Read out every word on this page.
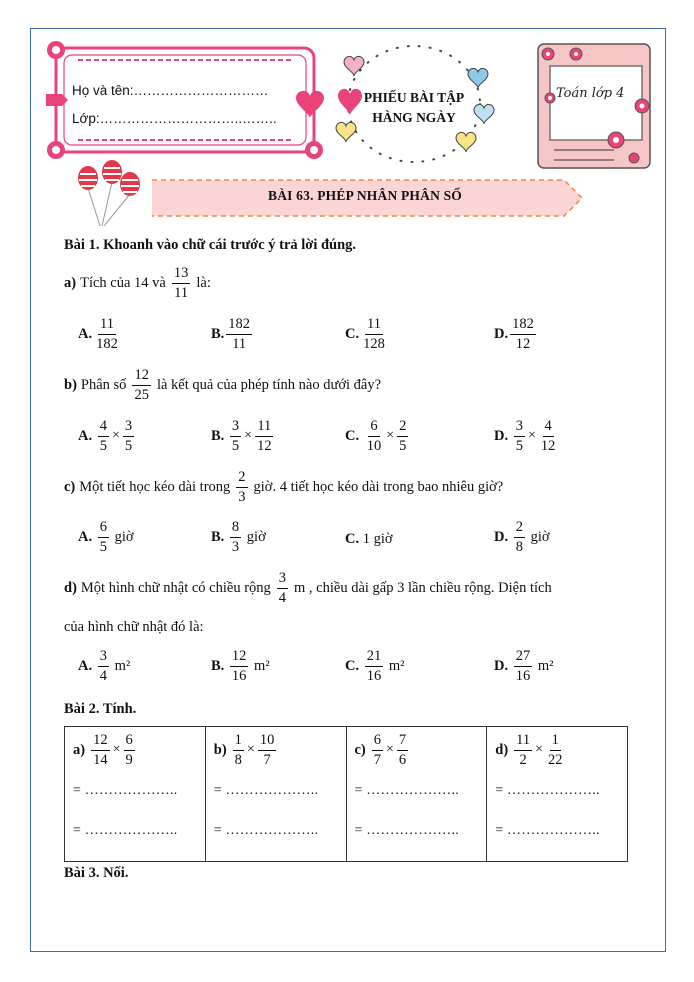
Họ và tên:…………………………
Lớp:…………………………..……..
PHIẾU BÀI TẬP
HÀNG NGÀY
Toán lớp 4
BÀI 63. PHÉP NHÂN PHÂN SỐ
Bài 1. Khoanh vào chữ cái trước ý trả lời đúng.
a)
Tích của 14 và
$\frac{13}{11}$
là:
A. $\frac{11}{182}$	B. $\frac{182}{11}$	C. $\frac{11}{128}$	D. $\frac{182}{12}$
b)
Phân số
$\frac{12}{25}$
là kết quả của phép tính nào dưới đây?
A.
$\frac{4}{5} \times \frac{3}{5}$	B.
$\frac{3}{5} \times \frac{11}{12}$	C.
$\frac{6}{10} \times \frac{2}{5}$	D.
$\frac{3}{5} \times \frac{4}{12}$
c)
Một tiết học kéo dài trong
$\frac{2}{3}$
giờ. 4 tiết học kéo dài trong bao nhiêu giờ?
A.
$\frac{6}{5}$
giờ	B.
$\frac{8}{3}$
giờ	C.
1 giờ	D.
$\frac{2}{8}$
giờ
d)
Một hình chữ nhật có chiều rộng
$\frac{3}{4}$
m , chiều dài gấp 3 lần chiều rộng. Diện tích
của hình chữ nhật đó là:
A.
$\frac{3}{4}$
m²	B.
$\frac{12}{16}$
m²	C.
$\frac{21}{16}$
m²	D.
$\frac{27}{16}$
m²
Bài 2. Tính.
a)
$\frac{12}{14} \times \frac{6}{9}$
= ………………..
= ………………..

b)
$\frac{1}{8} \times \frac{10}{7}$
= ………………..
= ………………..

c)
$\frac{6}{7} \times \frac{7}{6}$
= ………………..
= ………………..

d)
$\frac{11}{2} \times \frac{1}{22}$
= ………………..
= ………………..
Bài 3. Nối.
